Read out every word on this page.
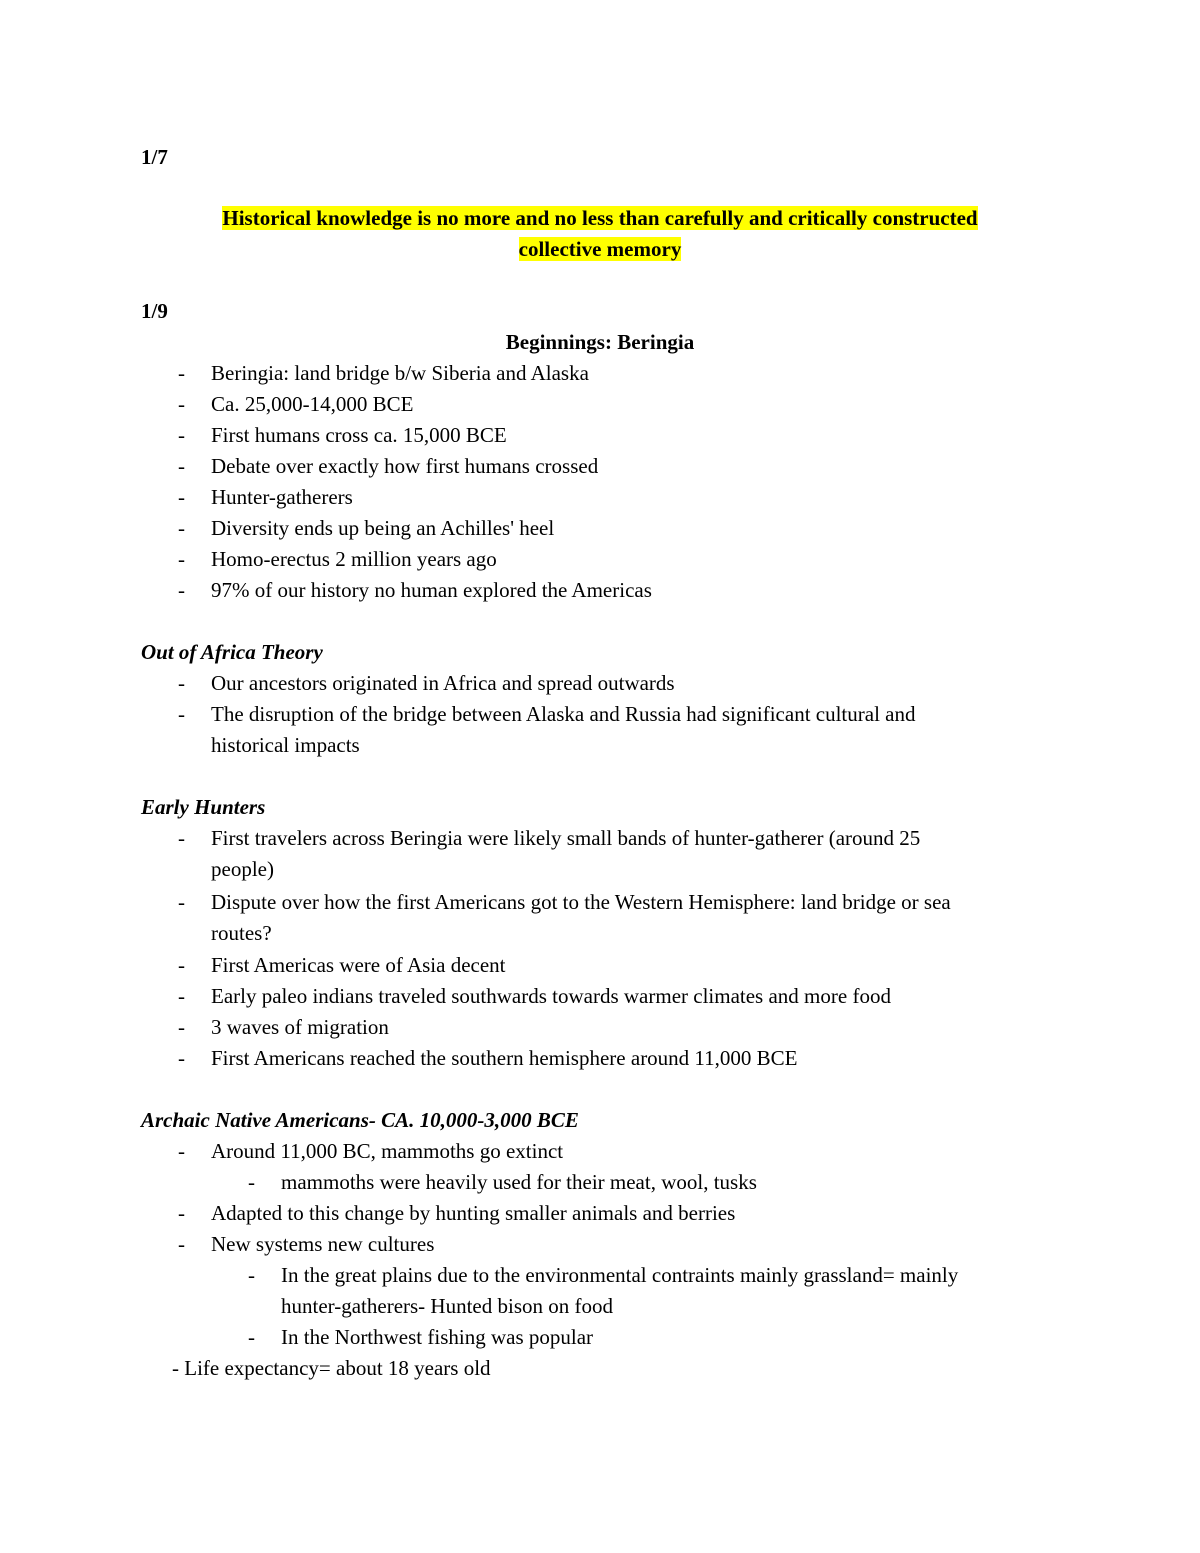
1/7
Historical knowledge is no more and no less than carefully and critically constructed
collective memory
1/9
Beginnings: Beringia
- Beringia: land bridge b/w Siberia and Alaska
- Ca. 25,000-14,000 BCE
- First humans cross ca. 15,000 BCE
- Debate over exactly how first humans crossed
- Hunter-gatherers
- Diversity ends up being an Achilles' heel
- Homo-erectus 2 million years ago
- 97% of our history no human explored the Americas
Out of Africa Theory
- Our ancestors originated in Africa and spread outwards
- The disruption of the bridge between Alaska and Russia had significant cultural and
historical impacts
Early Hunters
- First travelers across Beringia were likely small bands of hunter-gatherer (around 25
people)
- Dispute over how the first Americans got to the Western Hemisphere: land bridge or sea
routes?
- First Americas were of Asia decent
- Early paleo indians traveled southwards towards warmer climates and more food
- 3 waves of migration
- First Americans reached the southern hemisphere around 11,000 BCE
Archaic Native Americans- CA. 10,000-3,000 BCE
- Around 11,000 BC, mammoths go extinct
- mammoths were heavily used for their meat, wool, tusks
- Adapted to this change by hunting smaller animals and berries
- New systems new cultures
- In the great plains due to the environmental contraints mainly grassland= mainly
hunter-gatherers- Hunted bison on food
- In the Northwest fishing was popular
- Life expectancy= about 18 years old
